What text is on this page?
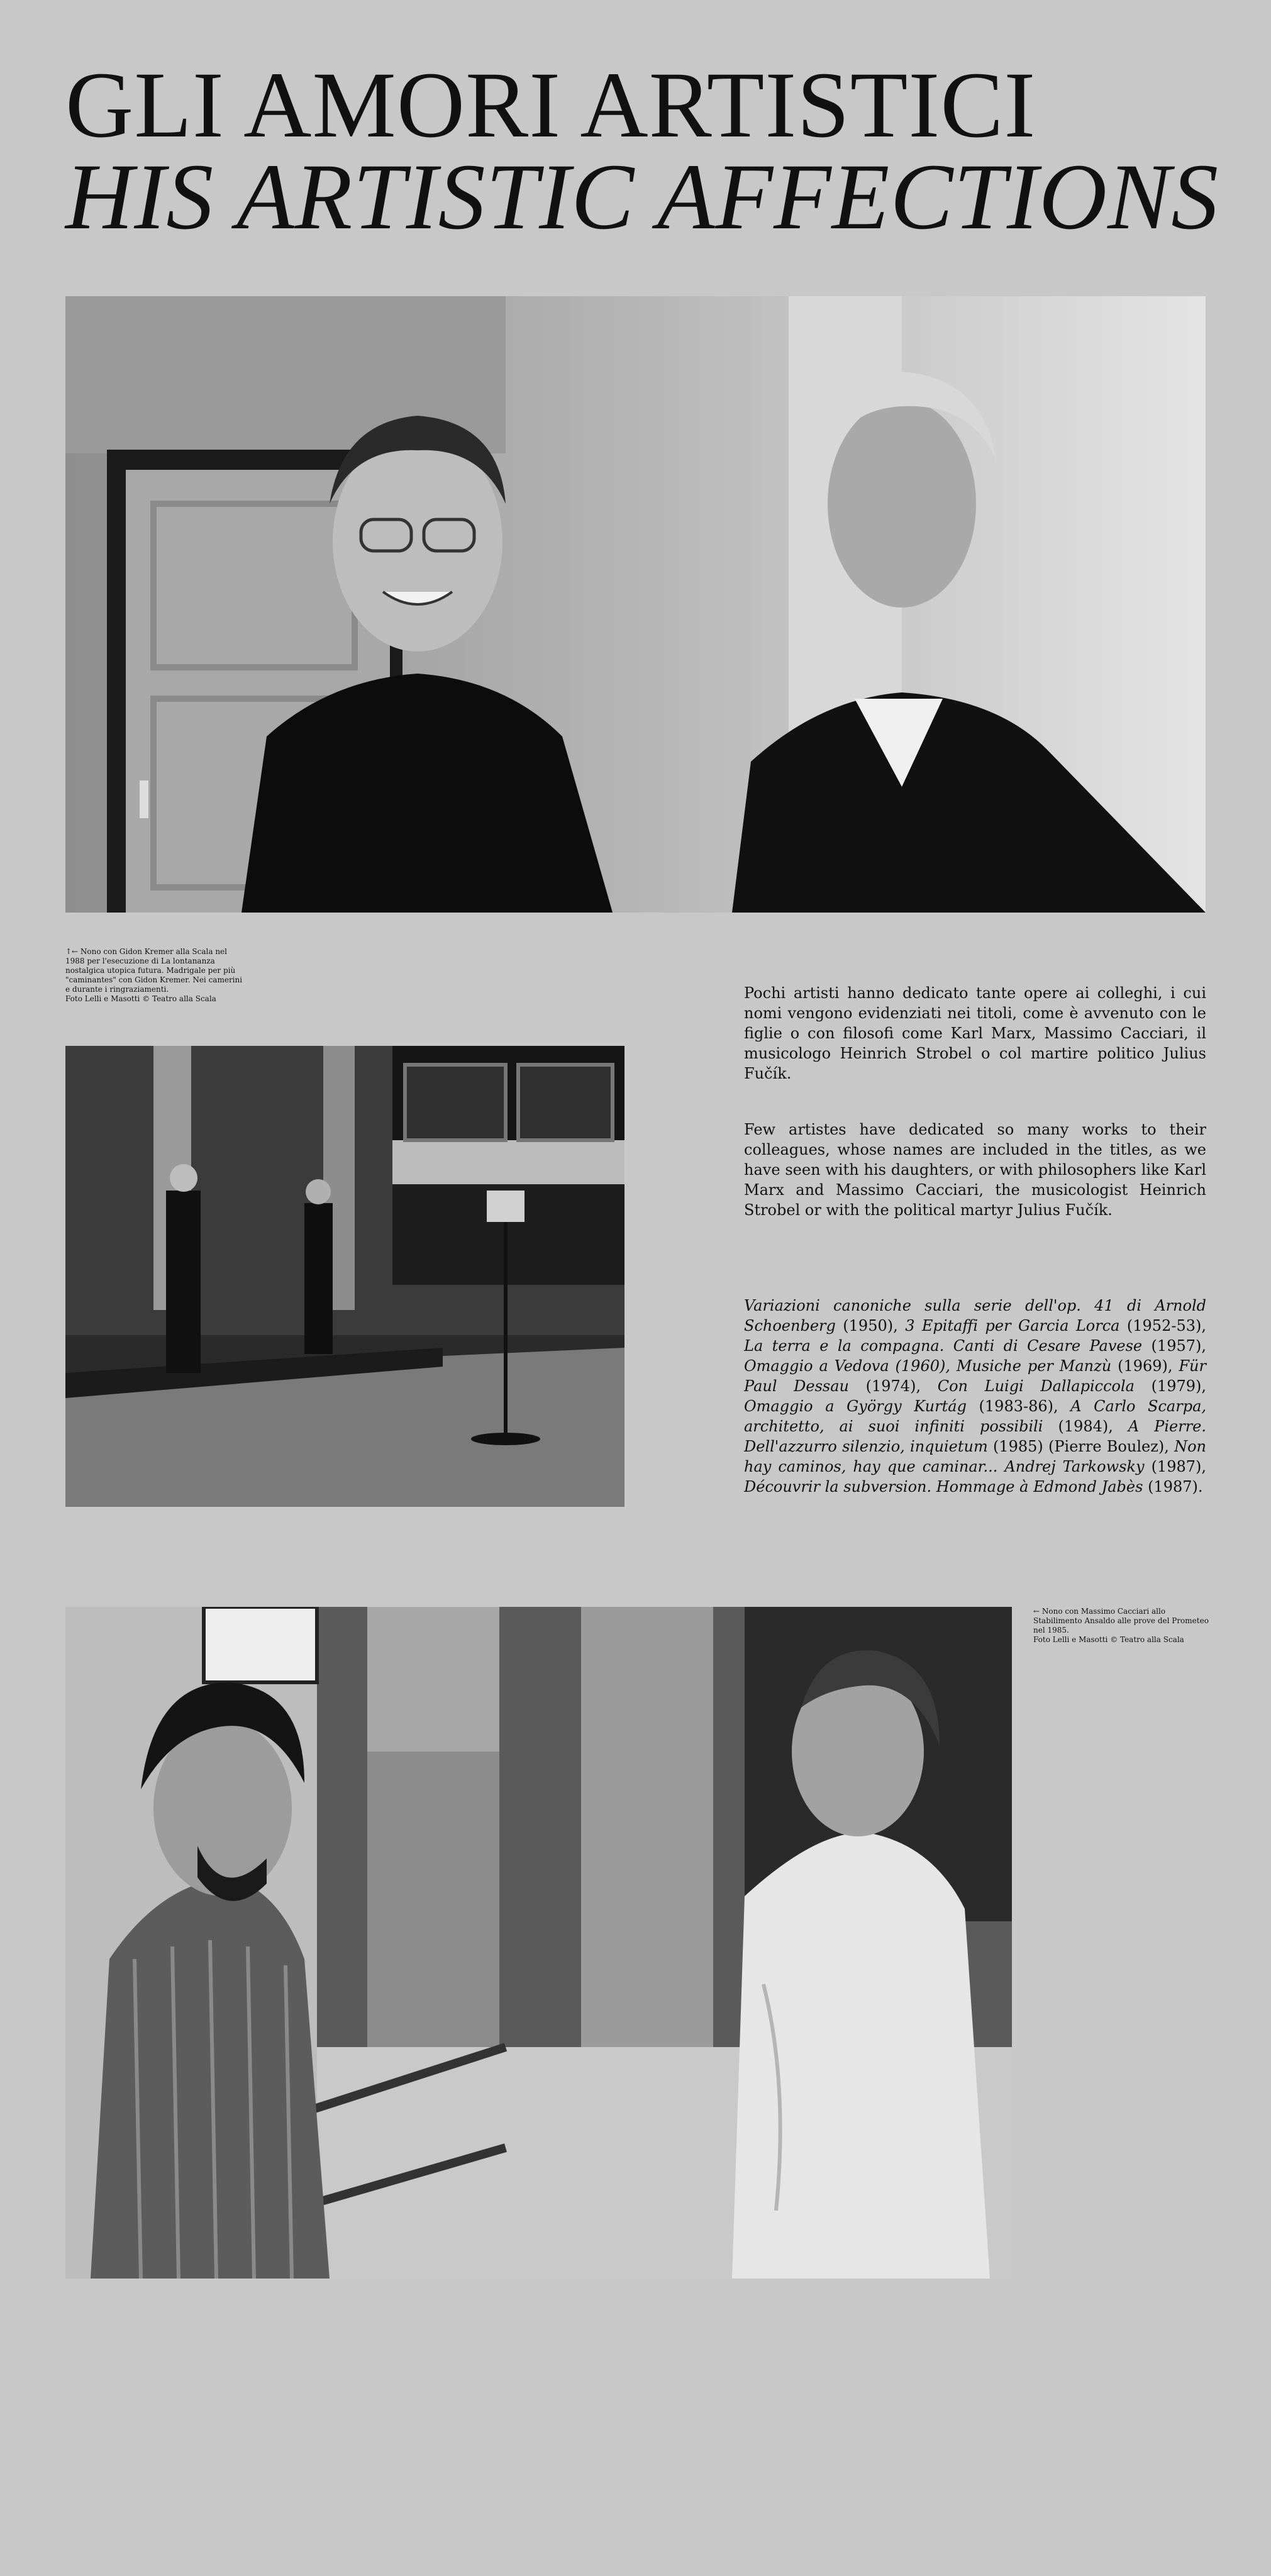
GLI AMORI ARTISTICI
HIS ARTISTIC AFFECTIONS
↑← Nono con Gidon Kremer alla Scala nel 1988 per l'esecuzione di La lontananza nostalgica utopica futura. Madrigale per più "caminantes" con Gidon Kremer. Nei camerini e durante i ringraziamenti.
Foto Lelli e Masotti © Teatro alla Scala	Pochi artisti hanno dedicato tante opere ai colleghi, i cui nomi vengono evidenziati nei titoli, come è avvenuto con le figlie o con filosofi come Karl Marx, Massimo Cacciari, il musicologo Heinrich Strobel o col martire politico Julius Fučík.

Few artistes have dedicated so many works to their colleagues, whose names are included in the titles, as we have seen with his daughters, or with philosophers like Karl Marx and Massimo Cacciari, the musicologist Heinrich Strobel or with the political martyr Julius Fučík.

Variazioni canoniche sulla serie dell'op. 41 di Arnold Schoenberg (1950), 3 Epitaffi per Garcia Lorca (1952-53), La terra e la compagna. Canti di Cesare Pavese (1957), Omaggio a Vedova (1960), Musiche per Manzù (1969), Für Paul Dessau (1974), Con Luigi Dallapiccola (1979), Omaggio a György Kurtág (1983-86), A Carlo Scarpa, architetto, ai suoi infiniti possibili (1984), A Pierre. Dell'azzurro silenzio, inquietum (1985) (Pierre Boulez), Non hay caminos, hay que caminar... Andrej Tarkowsky (1987), Découvrir la subversion. Hommage à Edmond Jabès (1987).

← Nono con Massimo Cacciari allo Stabilimento Ansaldo alle prove del Prometeo nel 1985.
Foto Lelli e Masotti © Teatro alla Scala
